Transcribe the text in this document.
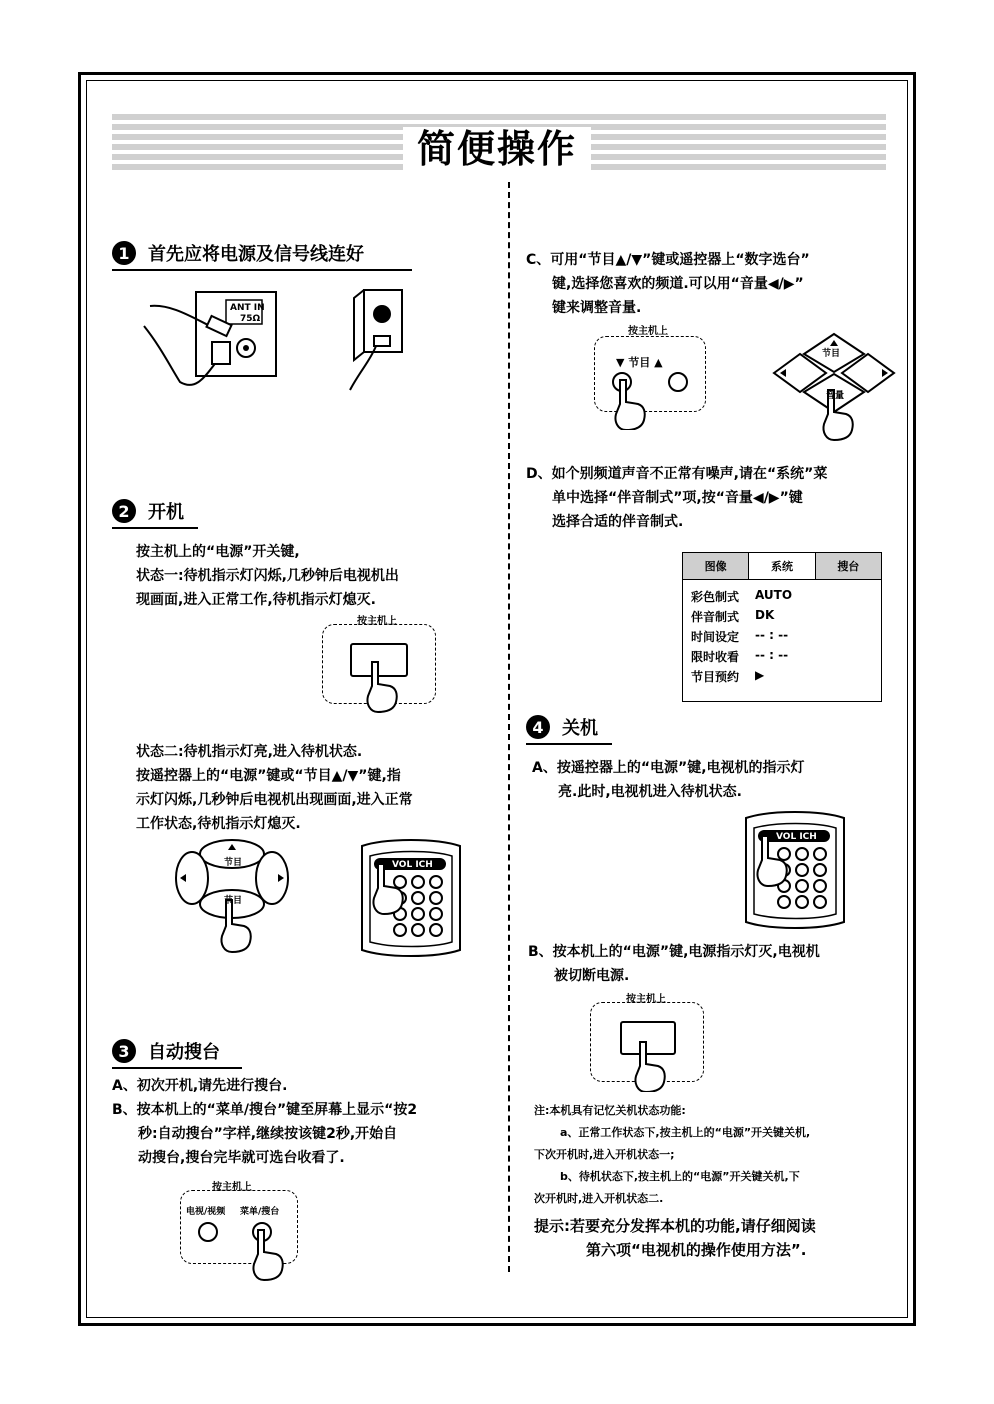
简便操作
1	首先应将电源及信号线连好
ANT IN
75Ω
2	开机
按主机上的“电源”开关键,
状态一:待机指示灯闪烁,几秒钟后电视机出
现画面,进入正常工作,待机指示灯熄灭.
按主机上
状态二:待机指示灯亮,进入待机状态.
按遥控器上的“电源”键或“节目▲/▼”键,指
示灯闪烁,几秒钟后电视机出现画面,进入正常
工作状态,待机指示灯熄灭.
节目
节目
VOL ICH
3	自动搜台
A、初次开机,请先进行搜台.
B、按本机上的“菜单/搜台”键至屏幕上显示“按2
秒:自动搜台”字样,继续按该键2秒,开始自
动搜台,搜台完毕就可选台收看了.
按主机上
电视/视频 菜单/搜台
C、可用“节目▲/▼”键或遥控器上“数字选台”
键,选择您喜欢的频道.可以用“音量◀/▶”
键来调整音量.
按主机上
▼ 节目 ▲
节目
音量
D、如个别频道声音不正常有噪声,请在“系统”菜
单中选择“伴音制式”项,按“音量◀/▶”键
选择合适的伴音制式.
图像	系统	搜台
彩色制式	AUTO
伴音制式	DK
时间设定	-- : --
限时收看	-- : --
节目预约	▶
4	关机
A、按遥控器上的“电源”键,电视机的指示灯
亮.此时,电视机进入待机状态.
VOL ICH
B、按本机上的“电源”键,电源指示灯灭,电视机
被切断电源.
按主机上
注:本机具有记忆关机状态功能:
a、正常工作状态下,按主机上的“电源”开关键关机,
下次开机时,进入开机状态一;
b、待机状态下,按主机上的“电源”开关键关机,下
次开机时,进入开机状态二.
提示:若要充分发挥本机的功能,请仔细阅读
第六项“电视机的操作使用方法”.
